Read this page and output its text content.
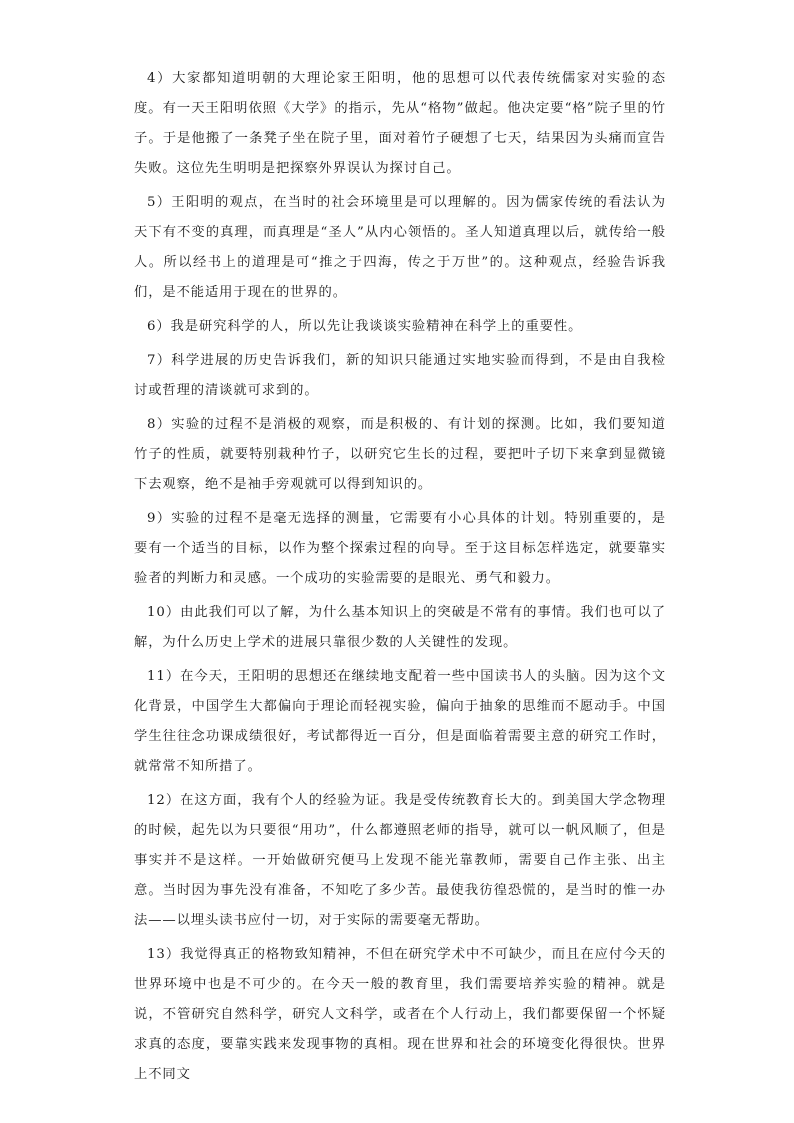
4）大家都知道明朝的大理论家王阳明，他的思想可以代表传统儒家对实验的态度。有一天王阳明依照《大学》的指示，先从“格物”做起。他决定要“格”院子里的竹子。于是他搬了一条凳子坐在院子里，面对着竹子硬想了七天，结果因为头痛而宣告失败。这位先生明明是把探察外界误认为探讨自己。

5）王阳明的观点，在当时的社会环境里是可以理解的。因为儒家传统的看法认为天下有不变的真理，而真理是“圣人”从内心领悟的。圣人知道真理以后，就传给一般人。所以经书上的道理是可“推之于四海，传之于万世”的。这种观点，经验告诉我们，是不能适用于现在的世界的。

6）我是研究科学的人，所以先让我谈谈实验精神在科学上的重要性。

7）科学进展的历史告诉我们，新的知识只能通过实地实验而得到，不是由自我检讨或哲理的清谈就可求到的。

8）实验的过程不是消极的观察，而是积极的、有计划的探测。比如，我们要知道竹子的性质，就要特别栽种竹子，以研究它生长的过程，要把叶子切下来拿到显微镜下去观察，绝不是袖手旁观就可以得到知识的。

9）实验的过程不是毫无选择的测量，它需要有小心具体的计划。特别重要的，是要有一个适当的目标，以作为整个探索过程的向导。至于这目标怎样选定，就要靠实验者的判断力和灵感。一个成功的实验需要的是眼光、勇气和毅力。

10）由此我们可以了解，为什么基本知识上的突破是不常有的事情。我们也可以了解，为什么历史上学术的进展只靠很少数的人关键性的发现。

11）在今天，王阳明的思想还在继续地支配着一些中国读书人的头脑。因为这个文化背景，中国学生大都偏向于理论而轻视实验，偏向于抽象的思维而不愿动手。中国学生往往念功课成绩很好，考试都得近一百分，但是面临着需要主意的研究工作时，就常常不知所措了。

12）在这方面，我有个人的经验为证。我是受传统教育长大的。到美国大学念物理的时候，起先以为只要很“用功”，什么都遵照老师的指导，就可以一帆风顺了，但是事实并不是这样。一开始做研究便马上发现不能光靠教师，需要自己作主张、出主意。当时因为事先没有准备，不知吃了多少苦。最使我彷徨恐慌的，是当时的惟一办法——以埋头读书应付一切，对于实际的需要毫无帮助。

13）我觉得真正的格物致知精神，不但在研究学术中不可缺少，而且在应付今天的世界环境中也是不可少的。在今天一般的教育里，我们需要培养实验的精神。就是说，不管研究自然科学，研究人文科学，或者在个人行动上，我们都要保留一个怀疑求真的态度，要靠实践来发现事物的真相。现在世界和社会的环境变化得很快。世界上不同文
